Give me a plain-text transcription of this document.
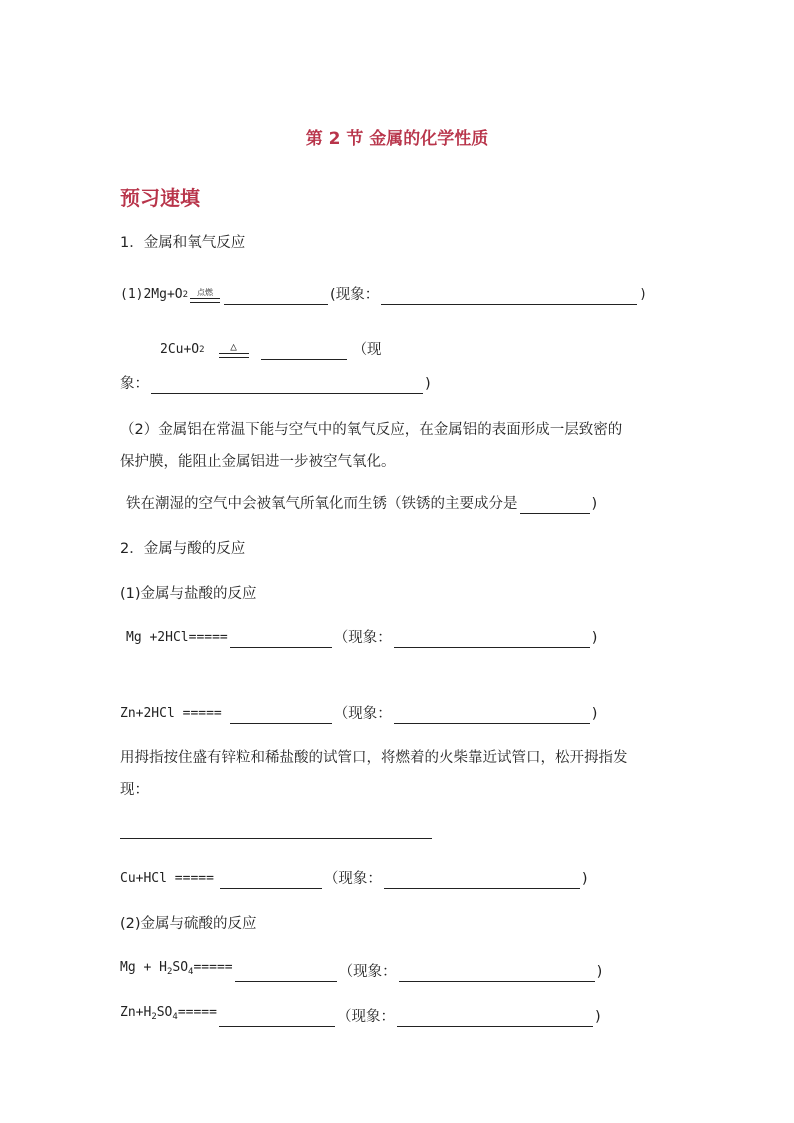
第 2 节 金属的化学性质
预习速填
1．金属和氧气反应
(1)2Mg+O 2 点燃	(现象：	)
2Cu+O 2 △	（现
象：	)
（2）金属铝在常温下能与空气中的氧气反应，在金属铝的表面形成一层致密的
保护膜，能阻止金属铝进一步被空气氧化。
铁在潮湿的空气中会被氧气所氧化而生锈（铁锈的主要成分是	)
2．金属与酸的反应
(1)金属与盐酸的反应
Mg +2HCl=====	（现象 ：	)
Zn+2HCl =====	（现象：	)
用拇指按住盛有锌粒和稀盐酸的试管口，将燃着的火柴靠近试管口，松开拇指发
现：
Cu+HCl =====	（现象：	)
(2)金属与硫酸的反应
$Mg + H_2SO_4=====$	（现象：	)
$Zn+H_2SO_4=====$	（现象：	)
